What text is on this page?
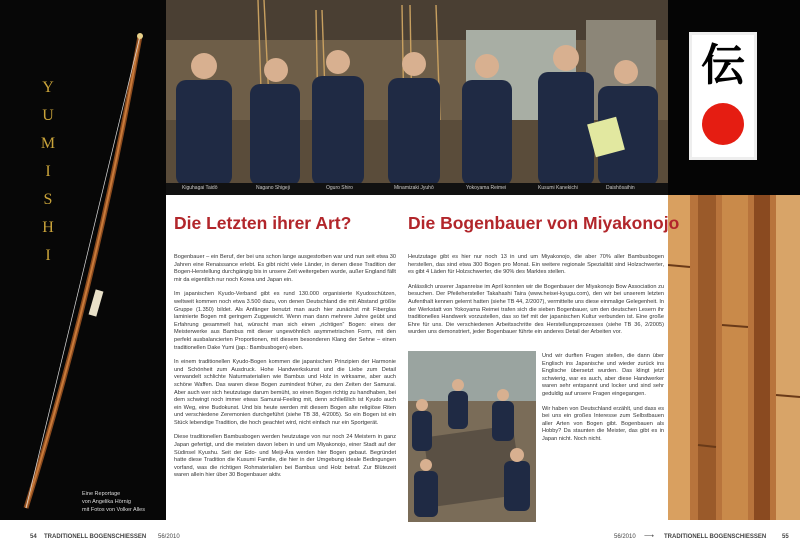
Y
U
M
I
S
H
I
Eine Reportage
von Angelika Hörnig
mit Fotos von Volker Alles
Kiguhagai Taidō	Nagano Shigeji	Oguro Shiro	Minamizaki Jyuhō	Yokoyama Reimei	Kusumi Kanekichi	Daishōsaihin
伝
Die Letzten ihrer Art?

Bogenbauer – ein Beruf, der bei uns schon lange ausgestorben war und nun seit etwa 30 Jahren eine Renaissance erlebt. Es gibt nicht viele Länder, in denen diese Tradition der Bogen-Herstellung durchgängig bis in unsere Zeit weitergeben wurde, außer England fällt mir da eigentlich nur noch Korea und Japan ein.

Im japanischen Kyudo-Verband gibt es rund 130.000 organisierte Kyudoschützen, weltweit kommen noch etwa 3.500 dazu, von denen Deutschland die mit Abstand größte Gruppe (1.350) bildet. Als Anfänger benutzt man auch hier zunächst mit Fiberglas laminierte Bogen mit geringem Zuggewicht. Wenn man dann mehrere Jahre geübt und Erfahrung gesammelt hat, wünscht man sich einen „richtigen“ Bogen: eines der Meisterwerke aus Bambus mit dieser ungewöhnlich asymmetrischen Form, mit den perfekt ausbalancierten Proportionen, mit diesem besonderen Klang der Sehne – einen traditionellen Dake Yumi (jap.: Bambusbogen) eben.

In einem traditionellen Kyudo-Bogen kommen die japanischen Prinzipien der Harmonie und Schönheit zum Ausdruck. Hohe Handwerkskunst und die Liebe zum Detail verwandelt schlichte Naturmaterialien wie Bambus und Holz in wirksame, aber auch schöne Waffen. Das waren diese Bogen zumindest früher, zu den Zeiten der Samurai. Aber auch wer sich heutzutage darum bemüht, so einen Bogen richtig zu handhaben, bei dem schwingt noch immer etwas Samurai-Feeling mit, denn schließlich ist Kyudo auch ein Weg, eine Budokunst. Und bis heute werden mit diesem Bogen alte religiöse Riten und verschiedene Zeremonien durchgeführt (siehe TB 38, 4/2005). So ein Bogen ist ein Stück lebendige Tradition, die hoch geachtet wird, nicht einfach nur ein Sportgerät.

Diese traditionellen Bambusbogen werden heutzutage von nur noch 24 Meistern in ganz Japan gefertigt, und die meisten davon leben in und um Miyakonojo, einer Stadt auf der Südinsel Kyushu. Seit der Edo- und Meiji-Ära werden hier Bogen gebaut. Begründet hatte diese Tradition die Kusumi Familie, die hier in der Umgebung ideale Bedingungen vorfand, was die richtigen Rohmaterialien bei Bambus und Holz betraf. Zur Blütezeit waren allein hier über 30 Bogenbauer aktiv.

Die Bogenbauer von Miyakonojo

Heutzutage gibt es hier nur noch 13 in und um Miyakonojo, die aber 70% aller Bambusbogen herstellen, das sind etwa 300 Bogen pro Monat. Ein weitere regionale Spezialität sind Holzschwerter, es gibt 4 Läden für Holzschwerter, die 90% des Marktes stellen.

Anlässlich unserer Japanreise im April konnten wir die Bogenbauer der Miyakonojo Bow Association zu besuchen. Der Pfeilehersteller Takahashi Taira (www.heisei-kyugu.com), den wir bei unserem letzten Aufenthalt kennen gelernt hatten (siehe TB 44, 2/2007), vermittelte uns diese einmalige Gelegenheit. In der Werkstatt von Yokoyama Reimei trafen sich die sieben Bogenbauer, um den deutschen Lesern ihr traditionelles Handwerk vorzustellen, das so tief mit der japanischen Kultur verbunden ist. Eine große Ehre für uns. Die verschiedenen Arbeitsschritte des Herstellungsprozesses (siehe TB 36, 2/2005) wurden uns demonstriert, jeder Bogenbauer führte ein anderes Detail der Arbeiten vor.

Und wir durften Fragen stellen, die dann über Englisch ins Japanische und wieder zurück ins Englische übersetzt wurden. Das klingt jetzt schwierig, war es auch, aber diese Handwerker waren sehr entspannt und locker und sind sehr geduldig auf unsere Fragen eingegangen.

Wir haben von Deutschland erzählt, und dass es bei uns ein großes Interesse zum Selbstbauen aller Arten von Bogen gibt. Bogenbauen als Hobby? Da staunten die Meister, das gibt es in Japan nicht. Noch nicht.

54 TRADITIONELL BOGENSCHIESSEN 56/2010	56/2010 ⟶ TRADITIONELL BOGENSCHIESSEN	55
